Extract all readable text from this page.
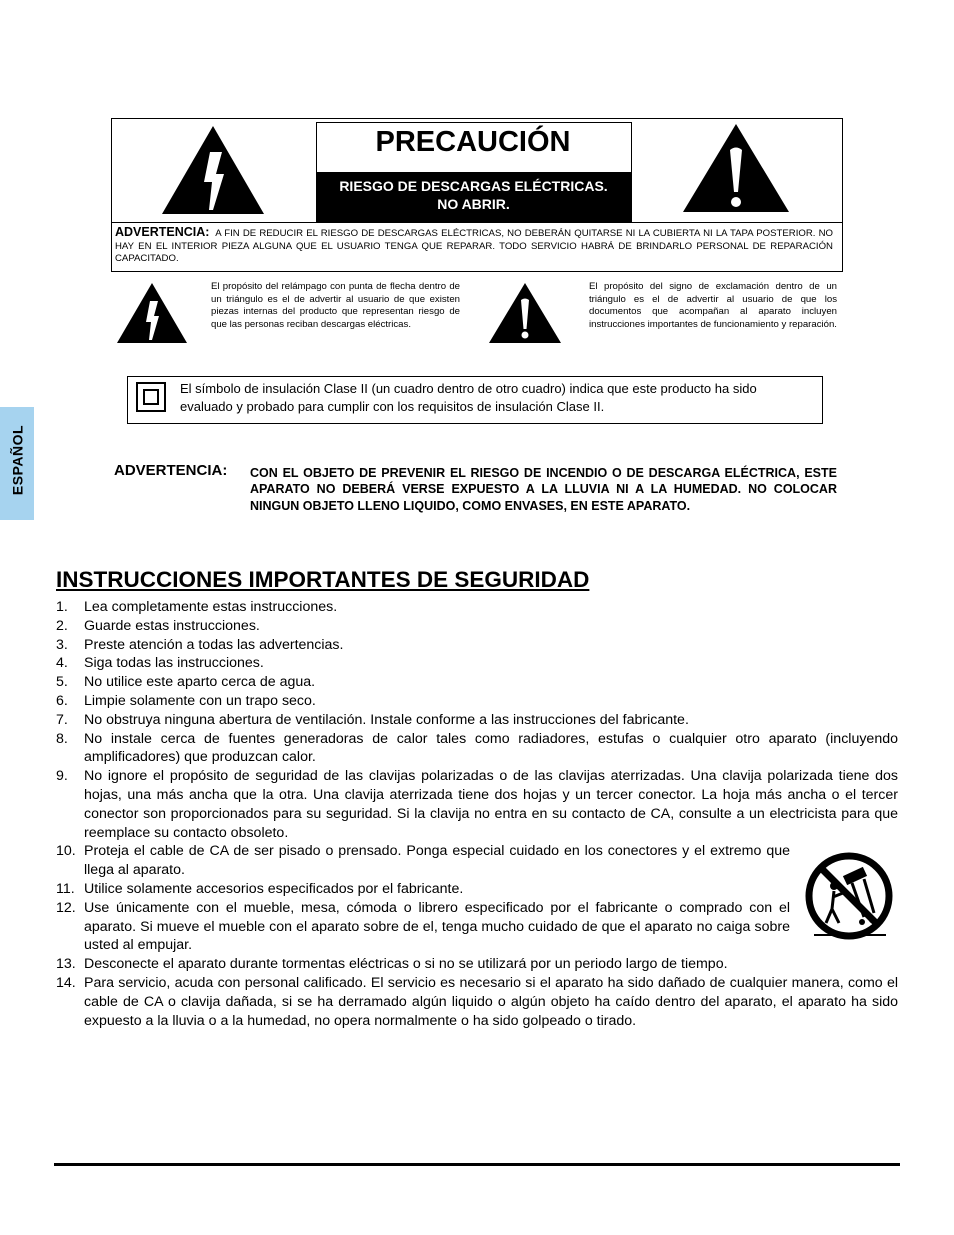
PRECAUCIÓN
RIESGO DE DESCARGAS ELÉCTRICAS.
NO ABRIR.
ADVERTENCIA: A FIN DE REDUCIR EL RIESGO DE DESCARGAS ELÉCTRICAS, NO DEBERÁN QUITARSE NI LA CUBIERTA NI LA TAPA POSTERIOR. NO HAY EN EL INTERIOR PIEZA ALGUNA QUE EL USUARIO TENGA QUE REPARAR. TODO SERVICIO HABRÁ DE BRINDARLO PERSONAL DE REPARACIÓN CAPACITADO.
El propósito del relámpago con punta de flecha dentro de un triángulo es el de advertir al usuario de que existen piezas internas del producto que representan riesgo de que las personas reciban descargas eléctricas.
El propósito del signo de exclamación dentro de un triángulo es el de advertir al usuario de que los documentos que acompañan al aparato incluyen instrucciones importantes de funcionamiento y reparación.
El símbolo de insulación Clase II (un cuadro dentro de otro cuadro) indica que este producto ha sido evaluado y probado para cumplir con los requisitos de insulación Clase II.
ADVERTENCIA: CON EL OBJETO DE PREVENIR EL RIESGO DE INCENDIO O DE DESCARGA ELÉCTRICA, ESTE APARATO NO DEBERÁ VERSE EXPUESTO A LA LLUVIA NI A LA HUMEDAD. NO COLOCAR NINGUN OBJETO LLENO LIQUIDO, COMO ENVASES, EN ESTE APARATO.
ESPAÑOL
INSTRUCCIONES IMPORTANTES DE SEGURIDAD
1. Lea completamente estas instrucciones.
2. Guarde estas instrucciones.
3. Preste atención a todas las advertencias.
4. Siga todas las instrucciones.
5. No utilice este aparto cerca de agua.
6. Limpie solamente con un trapo seco.
7. No obstruya ninguna abertura de ventilación. Instale conforme a las instrucciones del fabricante.
8. No instale cerca de fuentes generadoras de calor tales como radiadores, estufas o cualquier otro aparato (incluyendo amplificadores) que produzcan calor.
9. No ignore el propósito de seguridad de las clavijas polarizadas o de las clavijas aterrizadas. Una clavija polarizada tiene dos hojas, una más ancha que la otra. Una clavija aterrizada tiene dos hojas y un tercer conector. La hoja más ancha o el tercer conector son proporcionados para su seguridad. Si la clavija no entra en su contacto de CA, consulte a un electricista para que reemplace su contacto obsoleto.
10. Proteja el cable de CA de ser pisado o prensado. Ponga especial cuidado en los conectores y el extremo que llega al aparato.
11. Utilice solamente accesorios especificados por el fabricante.
12. Use únicamente con el mueble, mesa, cómoda o librero especificado por el fabricante o comprado con el aparato. Si mueve el mueble con el aparato sobre de el, tenga mucho cuidado de que el aparato no caiga sobre usted al empujar.
13. Desconecte el aparato durante tormentas eléctricas o si no se utilizará por un periodo largo de tiempo.
14. Para servicio, acuda con personal calificado. El servicio es necesario si el aparato ha sido dañado de cualquier manera, como el cable de CA o clavija dañada, si se ha derramado algún liquido o algún objeto ha caído dentro del aparato, el aparato ha sido expuesto a la lluvia o a la humedad, no opera normalmente o ha sido golpeado o tirado.
